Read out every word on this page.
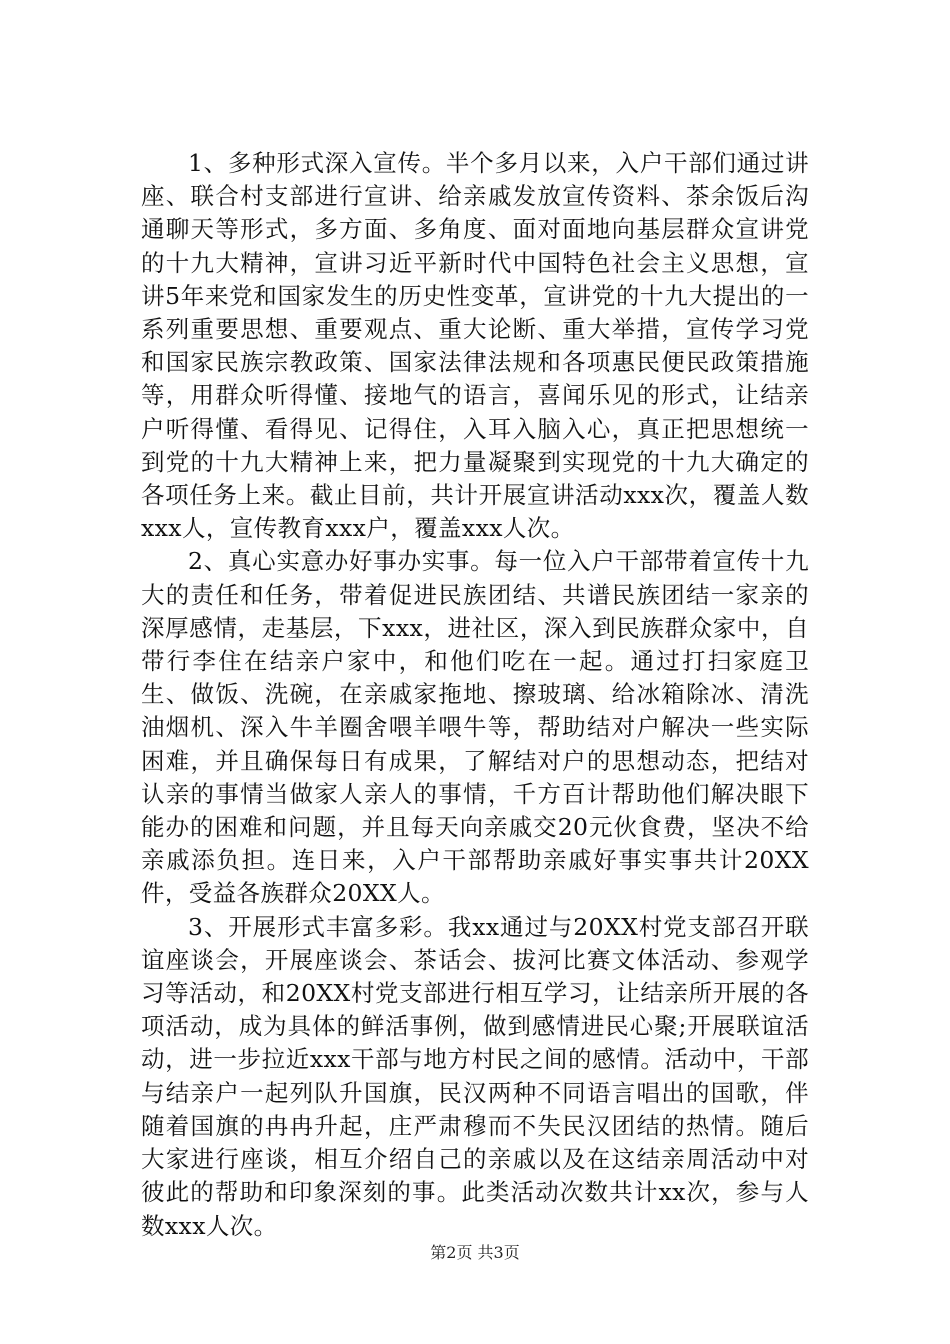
1、多种形式深入宣传。半个多月以来，入户干部们通过讲座、联合村支部进行宣讲、给亲戚发放宣传资料、茶余饭后沟通聊天等形式，多方面、多角度、面对面地向基层群众宣讲党的十九大精神，宣讲习近平新时代中国特色社会主义思想，宣讲5年来党和国家发生的历史性变革，宣讲党的十九大提出的一系列重要思想、重要观点、重大论断、重大举措，宣传学习党和国家民族宗教政策、国家法律法规和各项惠民便民政策措施等，用群众听得懂、接地气的语言，喜闻乐见的形式，让结亲户听得懂、看得见、记得住，入耳入脑入心，真正把思想统一到党的十九大精神上来，把力量凝聚到实现党的十九大确定的各项任务上来。截止目前，共计开展宣讲活动xxx次，覆盖人数xxx人，宣传教育xxx户，覆盖xxx人次。

2、真心实意办好事办实事。每一位入户干部带着宣传十九大的责任和任务，带着促进民族团结、共谱民族团结一家亲的深厚感情，走基层，下xxx，进社区，深入到民族群众家中，自带行李住在结亲户家中，和他们吃在一起。通过打扫家庭卫生、做饭、洗碗，在亲戚家拖地、擦玻璃、给冰箱除冰、清洗油烟机、深入牛羊圈舍喂羊喂牛等，帮助结对户解决一些实际困难，并且确保每日有成果，了解结对户的思想动态，把结对认亲的事情当做家人亲人的事情，千方百计帮助他们解决眼下能办的困难和问题，并且每天向亲戚交20元伙食费，坚决不给亲戚添负担。连日来，入户干部帮助亲戚好事实事共计20XX件，受益各族群众20XX人。

3、开展形式丰富多彩。我xx通过与20XX村党支部召开联谊座谈会，开展座谈会、茶话会、拔河比赛文体活动、参观学习等活动，和20XX村党支部进行相互学习，让结亲所开展的各项活动，成为具体的鲜活事例，做到感情进民心聚;开展联谊活动，进一步拉近xxx干部与地方村民之间的感情。活动中，干部与结亲户一起列队升国旗，民汉两种不同语言唱出的国歌，伴随着国旗的冉冉升起，庄严肃穆而不失民汉团结的热情。随后大家进行座谈，相互介绍自己的亲戚以及在这结亲周活动中对彼此的帮助和印象深刻的事。此类活动次数共计xx次，参与人数xxx人次。

第2页 共3页
